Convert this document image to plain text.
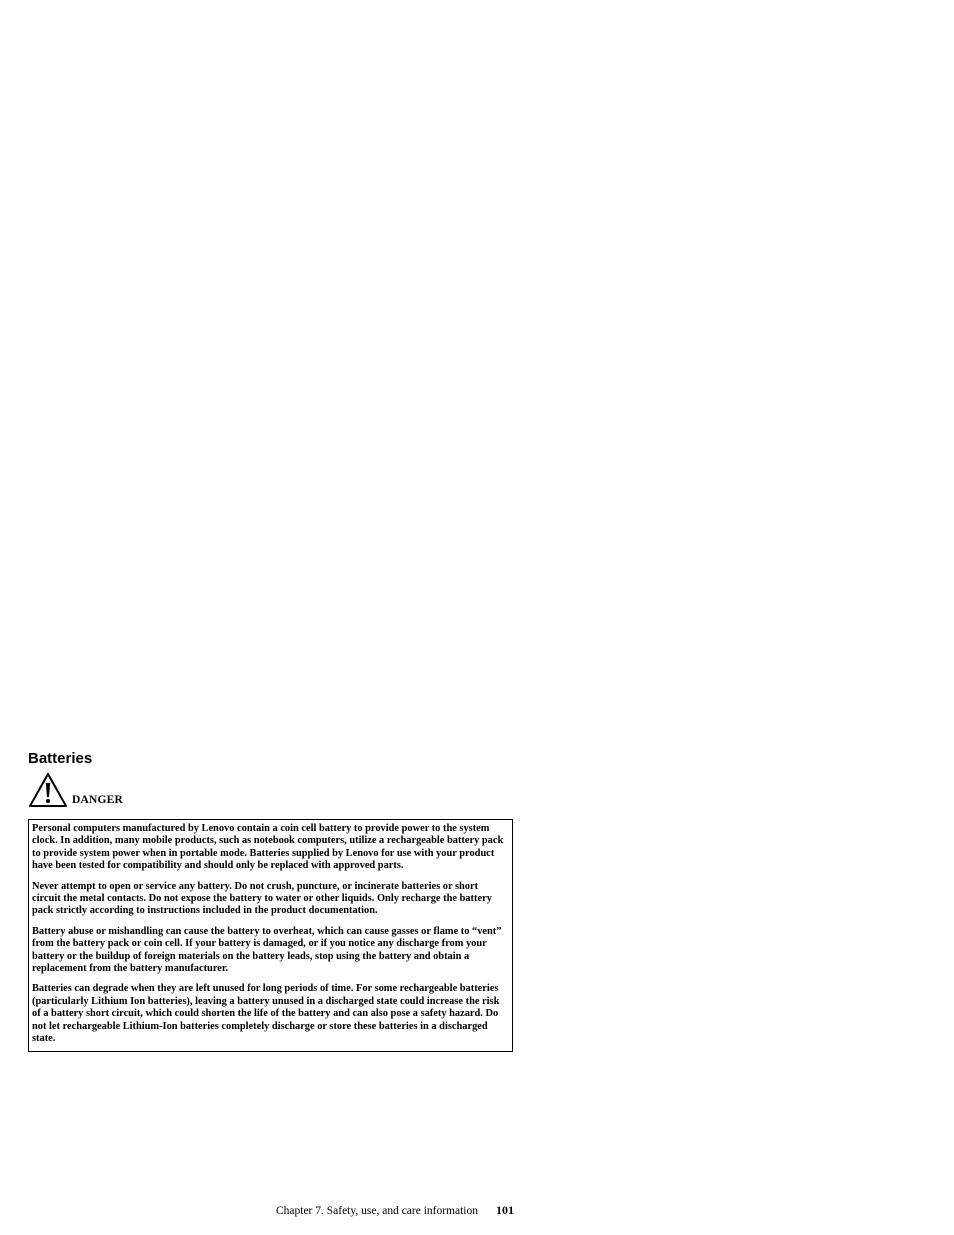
Batteries
DANGER

Personal computers manufactured by Lenovo contain a coin cell battery to provide power to the system clock. In addition, many mobile products, such as notebook computers, utilize a rechargeable battery pack to provide system power when in portable mode. Batteries supplied by Lenovo for use with your product have been tested for compatibility and should only be replaced with approved parts.

Never attempt to open or service any battery. Do not crush, puncture, or incinerate batteries or short circuit the metal contacts. Do not expose the battery to water or other liquids. Only recharge the battery pack strictly according to instructions included in the product documentation.

Battery abuse or mishandling can cause the battery to overheat, which can cause gasses or flame to “vent” from the battery pack or coin cell. If your battery is damaged, or if you notice any discharge from your battery or the buildup of foreign materials on the battery leads, stop using the battery and obtain a replacement from the battery manufacturer.

Batteries can degrade when they are left unused for long periods of time. For some rechargeable batteries (particularly Lithium Ion batteries), leaving a battery unused in a discharged state could increase the risk of a battery short circuit, which could shorten the life of the battery and can also pose a safety hazard. Do not let rechargeable Lithium-Ion batteries completely discharge or store these batteries in a discharged state.

Chapter 7. Safety, use, and care information 101
